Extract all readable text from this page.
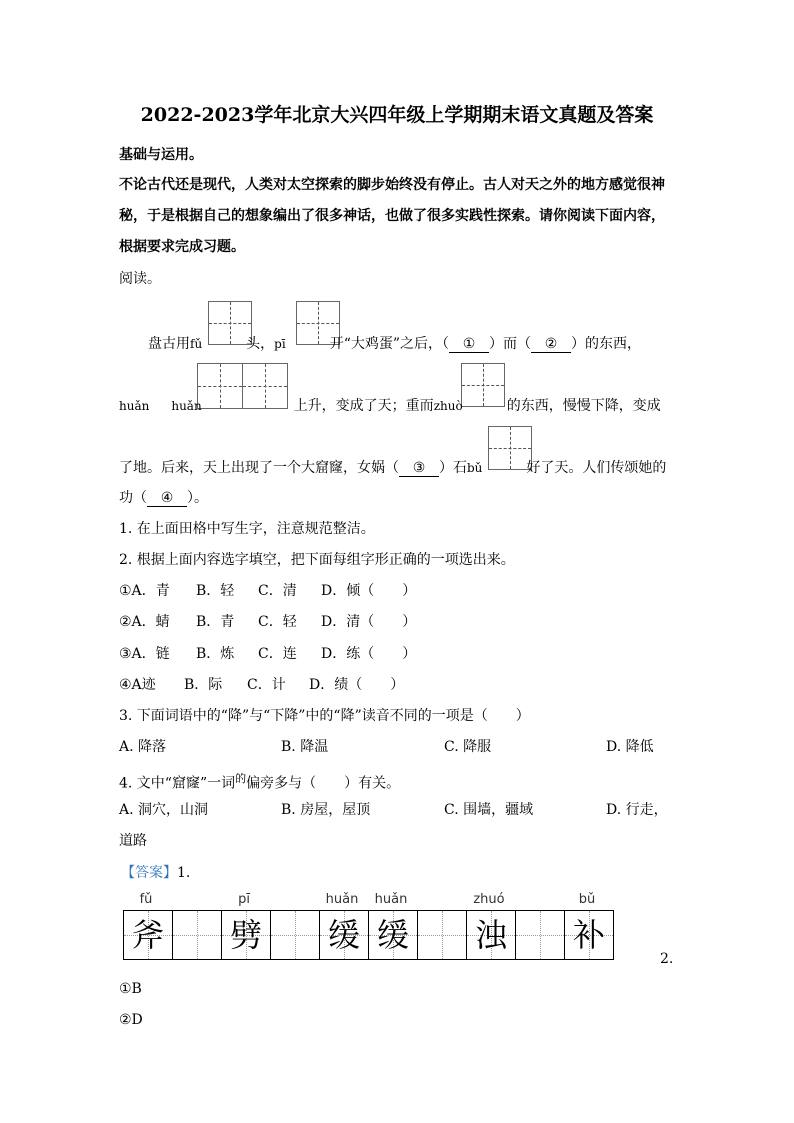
2022-2023学年北京大兴四年级上学期期末语文真题及答案
基础与运用。
不论古代还是现代，人类对太空探索的脚步始终没有停止。古人对天之外的地方感觉很神
秘，于是根据自己的想象编出了很多神话，也做了很多实践性探索。请你阅读下面内容，
根据要求完成习题。
阅读。
盘古用fǔ	头，pī	开“大鸡蛋”之后，（ ① ）而（ ② ）的东西，
huǎn huǎn	上升，变成了天；重而zhuò	的东西，慢慢下降，变成
了地。后来，天上出现了一个大窟窿，女娲（ ③ ）石bǔ	好了天。人们传颂她的
功（ ④ ）。
1. 在上面田格中写生字，注意规范整洁。
2. 根据上面内容选字填空，把下面每组字形正确的一项选出来。
①A．青 B．轻 C．清 D．倾（　　）
②A．蜻 B．青 C．轻 D．清（　　）
③A．链 B．炼 C．连 D．练（　　）
④A迹 B．际 C．计 D．绩（　　）
3. 下面词语中的“降”与“下降”中的“降”读音不同的一项是（　　）
A. 降落	B. 降温	C. 降服	D. 降低
4. 文中“窟窿”一词$^的$偏旁多与（　　）有关。
A. 洞穴，山洞	B. 房屋，屋顶	C. 围墙，疆域	D. 行走，
道路
【答案】1.
fǔ	pī	huǎn	huǎn	zhuó	bǔ
斧 劈 缓 缓 浊 补
2.
①B
②D
